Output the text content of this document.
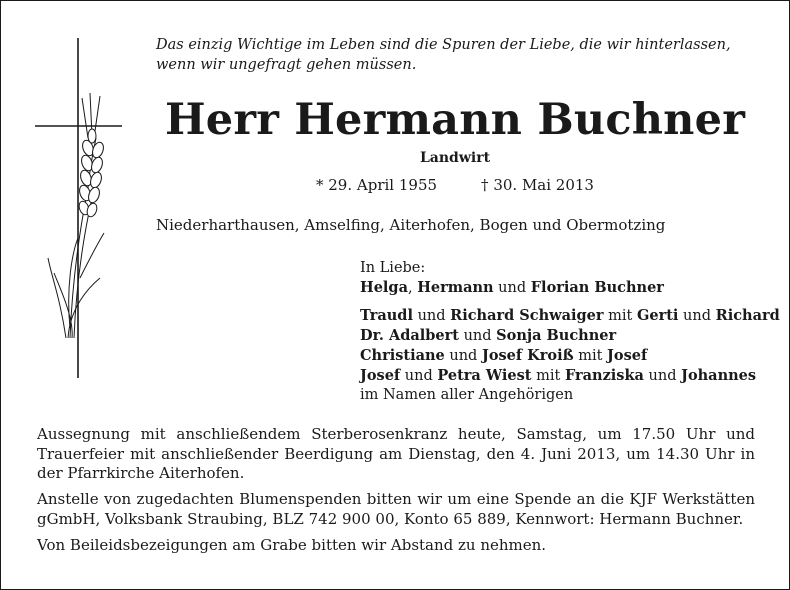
Das einzig Wichtige im Leben sind die Spuren der Liebe, die wir hinterlassen,
wenn wir ungefragt gehen müssen.
Herr Hermann Buchner
Landwirt
* 29. April 1955	† 30. Mai 2013
Niederharthausen, Amselfing, Aiterhofen, Bogen und Obermotzing
In Liebe:
Helga, Hermann und Florian Buchner
Traudl und Richard Schwaiger mit Gerti und Richard
Dr. Adalbert und Sonja Buchner
Christiane und Josef Kroiß mit Josef
Josef und Petra Wiest mit Franziska und Johannes
im Namen aller Angehörigen
Aussegnung mit anschließendem Sterberosenkranz heute, Samstag, um 17.50 Uhr und Trauerfeier mit anschließender Beerdigung am Dienstag, den 4. Juni 2013, um 14.30 Uhr in der Pfarrkirche Aiterhofen.
Anstelle von zugedachten Blumenspenden bitten wir um eine Spende an die KJF Werkstätten gGmbH, Volksbank Straubing, BLZ 742 900 00, Konto 65 889, Kennwort: Hermann Buchner.
Von Beileidsbezeigungen am Grabe bitten wir Abstand zu nehmen.
